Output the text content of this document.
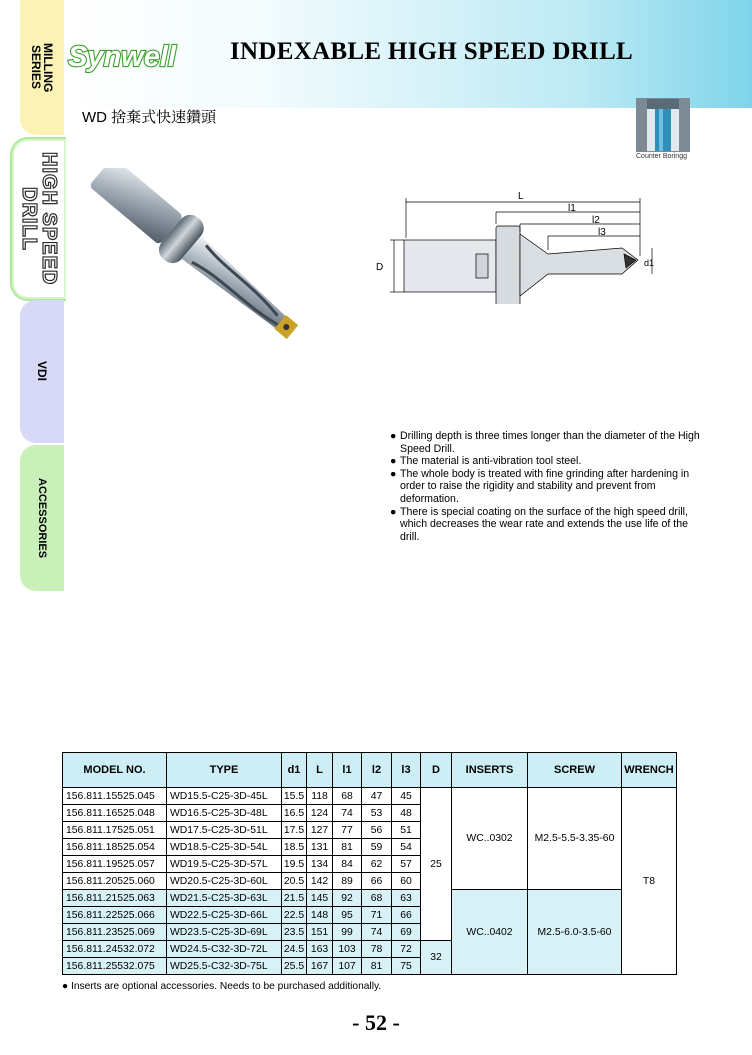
MILLING
SERIES
HIGH SPEED
DRILL
VDI
ACCESSORIES
Synwell INDEXABLE HIGH SPEED DRILL
WD 捨棄式快速鑽頭
Counter Boringg
L
l1
l2
l3
D	d1
● Drilling depth is three times longer than the diameter of the High Speed Drill.
● The material is anti-vibration tool steel.
● The whole body is treated with fine grinding after hardening in order to raise the rigidity and stability and prevent from deformation.
● There is special coating on the surface of the high speed drill, which decreases the wear rate and extends the use life of the drill.
MODEL NO.	TYPE	d1	L	l1	l2	l3	D	INSERTS	SCREW	WRENCH
156.811.15525.045	WD15.5-C25-3D-45L	15.5	118	68	47	45	25	WC..0302	M2.5-5.5-3.35-60	T8
156.811.16525.048	WD16.5-C25-3D-48L	16.5	124	74	53	48				
156.811.17525.051	WD17.5-C25-3D-51L	17.5	127	77	56	51				
156.811.18525.054	WD18.5-C25-3D-54L	18.5	131	81	59	54				
156.811.19525.057	WD19.5-C25-3D-57L	19.5	134	84	62	57				
156.811.20525.060	WD20.5-C25-3D-60L	20.5	142	89	66	60				
156.811.21525.063	WD21.5-C25-3D-63L	21.5	145	92	68	63		WC..0402	M2.5-6.0-3.5-60	
156.811.22525.066	WD22.5-C25-3D-66L	22.5	148	95	71	66				
156.811.23525.069	WD23.5-C25-3D-69L	23.5	151	99	74	69				
156.811.24532.072	WD24.5-C32-3D-72L	24.5	163	103	78	72	32			
156.811.25532.075	WD25.5-C32-3D-75L	25.5	167	107	81	75				
● Inserts are optional accessories. Needs to be purchased additionally.
- 52 -
